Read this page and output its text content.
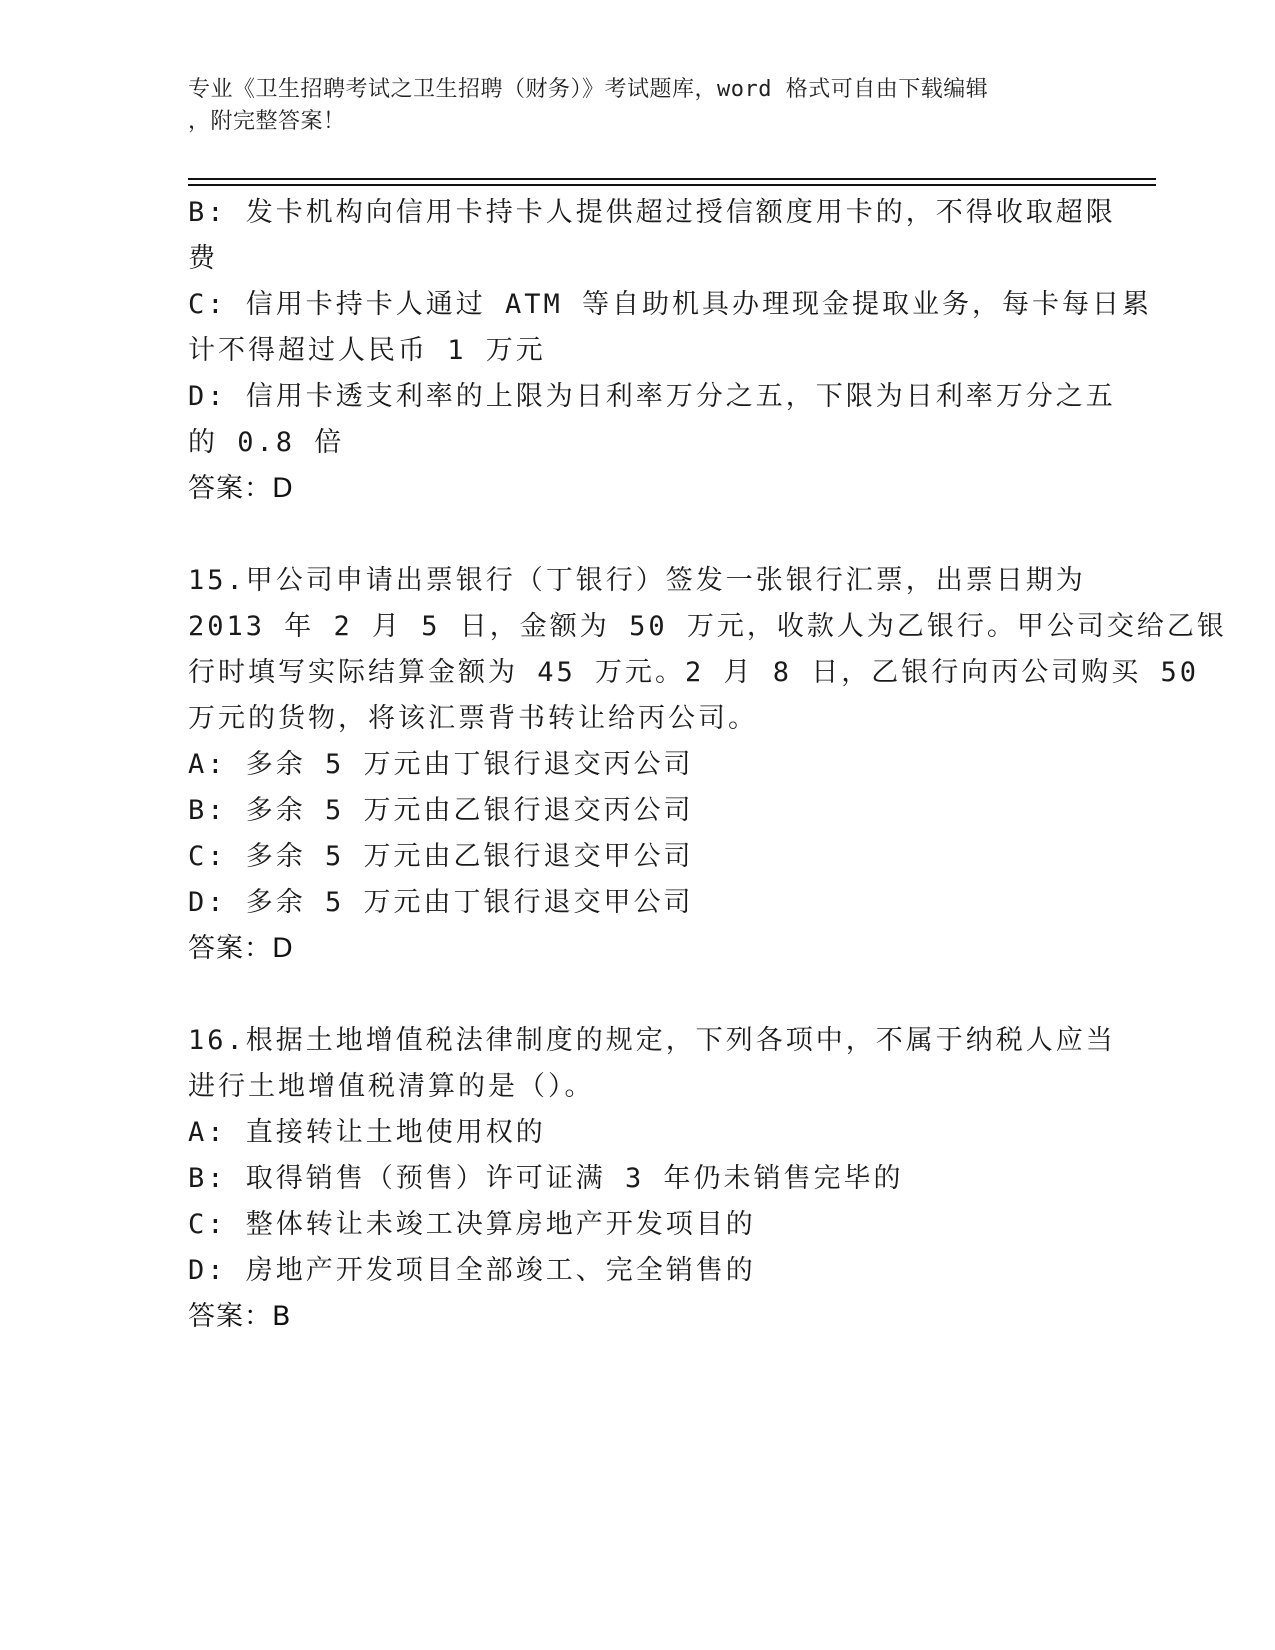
专业《卫生招聘考试之卫生招聘（财务）》考试题库，word 格式可自由下载编辑
，附完整答案！
B: 发卡机构向信用卡持卡人提供超过授信额度用卡的，不得收取超限
费
C: 信用卡持卡人通过 ATM 等自助机具办理现金提取业务，每卡每日累
计不得超过人民币 1 万元
D: 信用卡透支利率的上限为日利率万分之五，下限为日利率万分之五
的 0.8 倍
答案：D
15.甲公司申请出票银行（丁银行）签发一张银行汇票，出票日期为
2013 年 2 月 5 日，金额为 50 万元，收款人为乙银行。甲公司交给乙银
行时填写实际结算金额为 45 万元。2 月 8 日，乙银行向丙公司购买 50
万元的货物，将该汇票背书转让给丙公司。
A: 多余 5 万元由丁银行退交丙公司
B: 多余 5 万元由乙银行退交丙公司
C: 多余 5 万元由乙银行退交甲公司
D: 多余 5 万元由丁银行退交甲公司
答案：D
16.根据土地增值税法律制度的规定，下列各项中，不属于纳税人应当
进行土地增值税清算的是（）。
A: 直接转让土地使用权的
B: 取得销售（预售）许可证满 3 年仍未销售完毕的
C: 整体转让未竣工决算房地产开发项目的
D: 房地产开发项目全部竣工、完全销售的
答案：B
